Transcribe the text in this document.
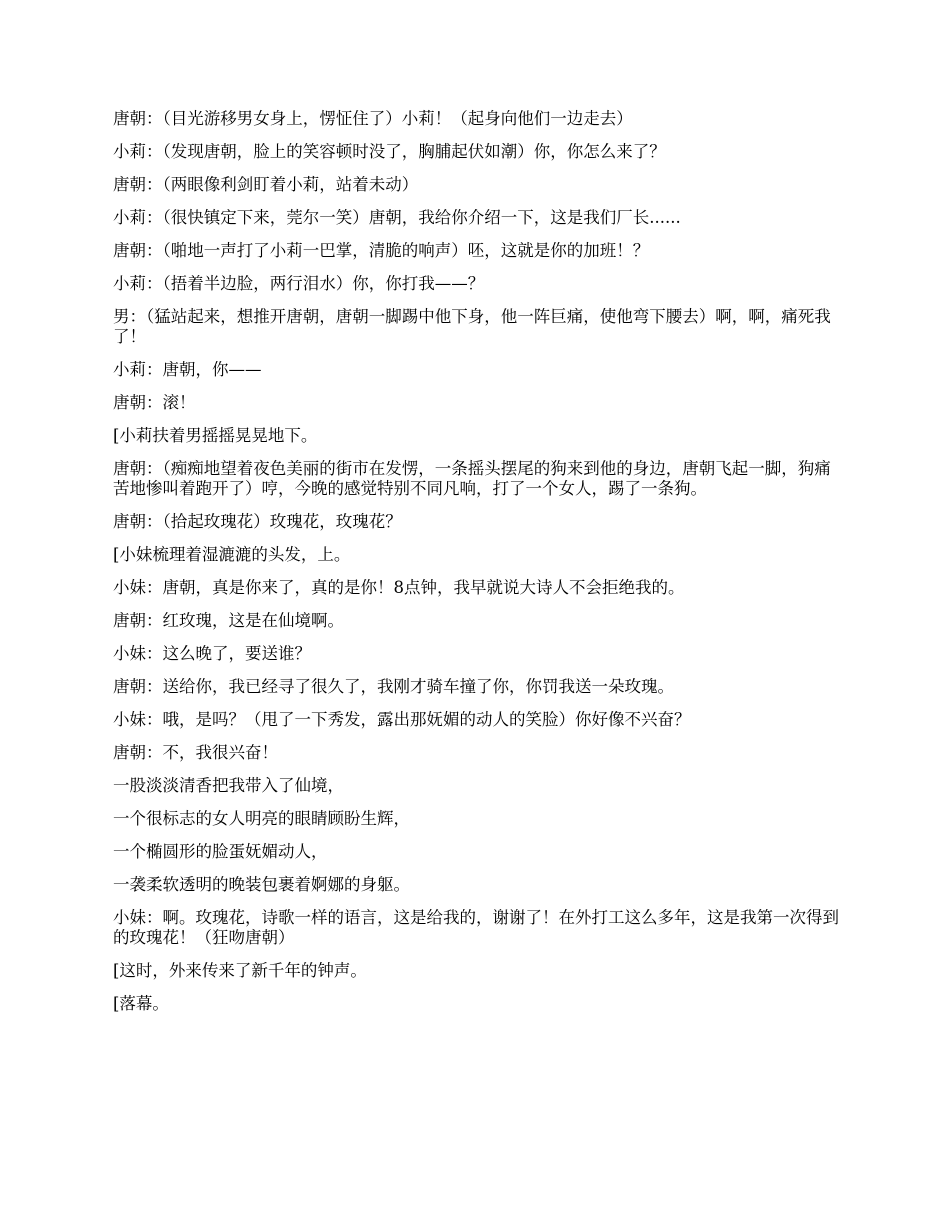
唐朝：（目光游移男女身上，愣怔住了）小莉！（起身向他们一边走去）

小莉：（发现唐朝，脸上的笑容顿时没了，胸脯起伏如潮）你，你怎么来了？

唐朝：（两眼像利剑盯着小莉，站着未动）

小莉：（很快镇定下来，莞尔一笑）唐朝，我给你介绍一下，这是我们厂长......

唐朝：（啪地一声打了小莉一巴掌，清脆的响声）呸，这就是你的加班！？

小莉：（捂着半边脸，两行泪水）你，你打我——？

男：（猛站起来，想推开唐朝，唐朝一脚踢中他下身，他一阵巨痛，使他弯下腰去）啊，啊，痛死我了！

小莉：唐朝，你——

唐朝：滚！

[小莉扶着男摇摇晃晃地下。

唐朝：（痴痴地望着夜色美丽的街市在发愣，一条摇头摆尾的狗来到他的身边，唐朝飞起一脚，狗痛苦地惨叫着跑开了）哼，今晚的感觉特别不同凡响，打了一个女人，踢了一条狗。

唐朝：（拾起玫瑰花）玫瑰花，玫瑰花？

[小妹梳理着湿漉漉的头发，上。

小妹：唐朝，真是你来了，真的是你！8点钟，我早就说大诗人不会拒绝我的。

唐朝：红玫瑰，这是在仙境啊。

小妹：这么晚了，要送谁？

唐朝：送给你，我已经寻了很久了，我刚才骑车撞了你，你罚我送一朵玫瑰。

小妹：哦，是吗？（甩了一下秀发，露出那妩媚的动人的笑脸）你好像不兴奋？

唐朝：不，我很兴奋！

一股淡淡清香把我带入了仙境，

一个很标志的女人明亮的眼睛顾盼生辉，

一个椭圆形的脸蛋妩媚动人，

一袭柔软透明的晚装包裹着婀娜的身躯。

小妹：啊。玫瑰花，诗歌一样的语言，这是给我的，谢谢了！在外打工这么多年，这是我第一次得到的玫瑰花！（狂吻唐朝）

[这时，外来传来了新千年的钟声。

[落幕。
